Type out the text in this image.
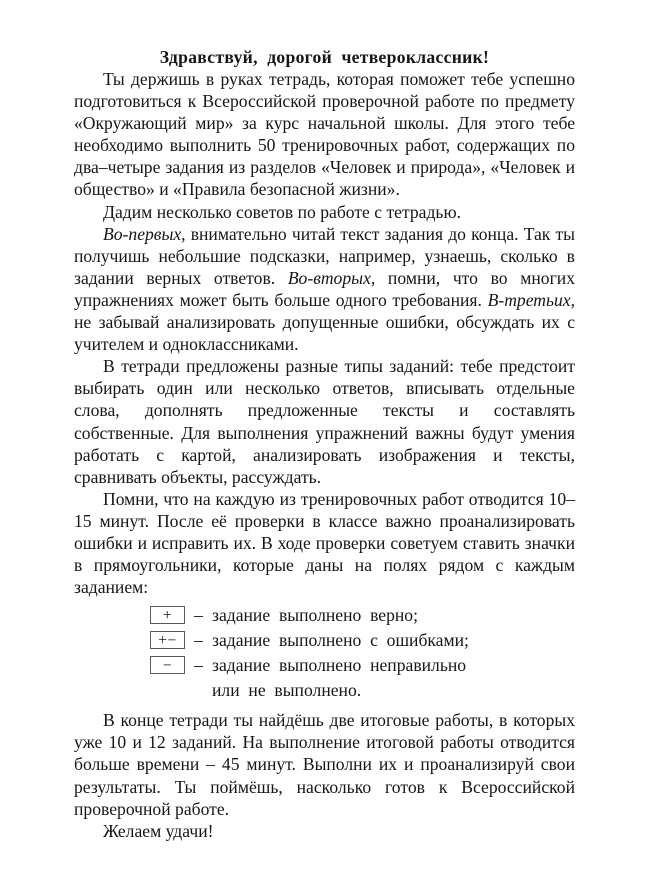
Здравствуй,  дорогой  четвероклассник!

Ты держишь в руках тетрадь, которая поможет тебе успешно подготовиться к Всероссийской проверочной работе по предмету «Окружающий мир» за курс начальной школы. Для этого тебе необходимо выполнить 50 тренировочных работ, содержащих по два–четыре задания из разделов «Человек и природа», «Человек и общество» и «Правила безопасной жизни».

Дадим несколько советов по работе с тетрадью.

Во-первых, внимательно читай текст задания до конца. Так ты получишь небольшие подсказки, например, узнаешь, сколько в задании верных ответов. Во-вторых, помни, что во многих упражнениях может быть больше одного требования. В-третьих, не забывай анализировать допущенные ошибки, обсуждать их с учителем и одноклассниками.

В тетради предложены разные типы заданий: тебе предстоит выбирать один или несколько ответов, вписывать отдельные слова, дополнять предложенные тексты и составлять собственные. Для выполнения упражнений важны будут умения работать с картой, анализировать изображения и тексты, сравнивать объекты, рассуждать.

Помни, что на каждую из тренировочных работ отводится 10–15 минут. После её проверки в классе важно проанализировать ошибки и исправить их. В ходе проверки советуем ставить значки в прямоугольники, которые даны на полях рядом с каждым заданием:

+	– задание  выполнено  верно;
+− – задание  выполнено  с  ошибками;
−	– задание  выполнено  неправильно
или  не  выполнено.

В конце тетради ты найдёшь две итоговые работы, в которых уже 10 и 12 заданий. На выполнение итоговой работы отводится больше времени – 45 минут. Выполни их и проанализируй свои результаты. Ты поймёшь, насколько готов к Всероссийской проверочной работе.

Желаем удачи!
